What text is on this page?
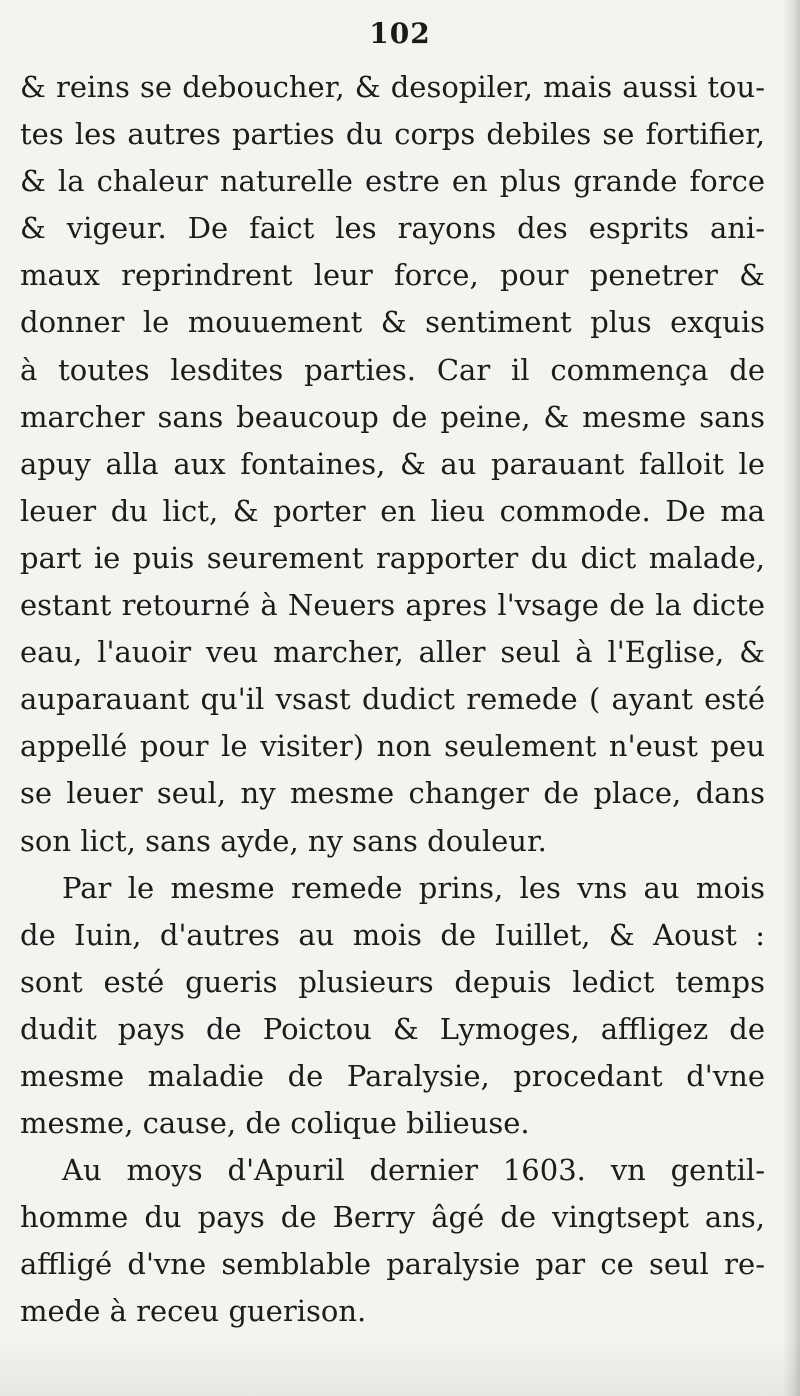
102
& reins se deboucher, & desopiler, mais aussi tou-
tes les autres parties du corps debiles se fortifier,
& la chaleur naturelle estre en plus grande force
& vigeur. De faict les rayons des esprits ani-
maux reprindrent leur force, pour penetrer &
donner le mouuement & sentiment plus exquis
à toutes lesdites parties. Car il commença de
marcher sans beaucoup de peine, & mesme sans
apuy alla aux fontaines, & au parauant falloit le
leuer du lict, & porter en lieu commode. De ma
part ie puis seurement rapporter du dict malade,
estant retourné à Neuers apres l'vsage de la dicte
eau, l'auoir veu marcher, aller seul à l'Eglise, &
auparauant qu'il vsast dudict remede ( ayant esté
appellé pour le visiter) non seulement n'eust peu
se leuer seul, ny mesme changer de place, dans
son lict, sans ayde, ny sans douleur.
Par le mesme remede prins, les vns au mois
de Iuin, d'autres au mois de Iuillet, & Aoust :
sont esté gueris plusieurs depuis ledict temps
dudit pays de Poictou & Lymoges, affligez de
mesme maladie de Paralysie, procedant d'vne
mesme, cause, de colique bilieuse.
Au moys d'Apuril dernier 1603. vn gentil-
homme du pays de Berry âgé de vingtsept ans,
affligé d'vne semblable paralysie par ce seul re-
mede à receu guerison.
